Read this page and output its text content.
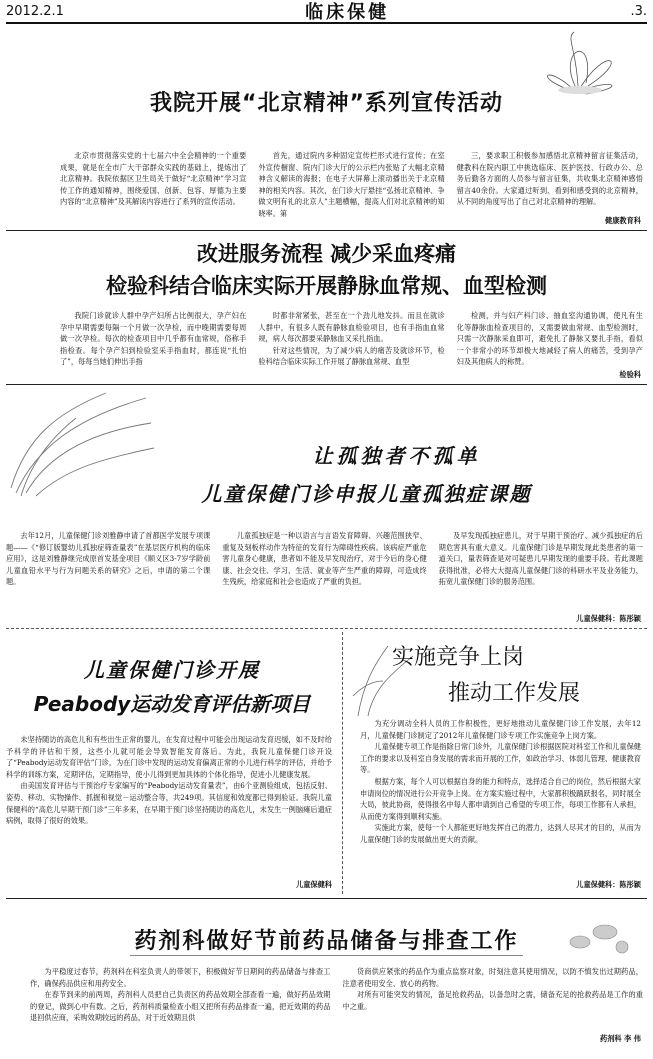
2012.2.1	临床保健	.3.
我院开展“北京精神”系列宣传活动

北京市贯彻落实党的十七届六中全会精神的一个重要成果，就是在全市广大干部群众实践的基础上，提炼出了北京精神。我院依据区卫生局关于做好“北京精神”学习宣传工作的通知精神，围绕爱国、创新、包容、厚德为主要内容的“北京精神”及其解读内容进行了系列的宣传活动。

首先，通过院内多种固定宣传栏形式进行宣传；在室外宣传橱窗、院内门诊大厅的公示栏内张贴了大幅北京精神含义解读的海报；在电子大屏幕上滚动播出关于北京精神的相关内容。其次，在门诊大厅悬挂“弘扬北京精神、争做文明有礼的北京人”主题横幅，提高人们对北京精神的知晓率。第

三，要求职工积极参加感悟北京精神留言征集活动，健教科在院内职工中挑选临床、医护医技、行政办公、总务后勤各方面的人员参与留言征集，共收集北京精神感悟留言40余份。大家通过听到、看到和感受到的北京精神，从不同的角度写出了自己对北京精神的理解。

健康教育科
改进服务流程 减少采血疼痛
检验科结合临床实际开展静脉血常规、血型检测

我院门诊就诊人群中孕产妇所占比例很大，孕产妇在孕中早期需要每隔一个月做一次孕检，而中晚期需要每周做一次孕检。每次的检查项目中几乎都有血常规，俗称手指检查。每个孕产妇到检验室采手指血时，都连说“扎怕了”，每每当她们伸出手指

时都非常紧张，甚至在一个劲儿地发抖。而且在就诊人群中，有很多人既有静脉血检验项目，也有手指血血常规，病人每次都要采静脉血又采扎指血。

针对这些情况，为了减少病人的痛苦及就诊环节，检验科结合临床实际工作开展了静脉血常规、血型

检测，并与妇产科门诊、抽血室沟通协调，使凡有生化等静脉血检查项目的，又需要做血常规、血型检测时，只需一次静脉采血即可，避免扎了静脉又要扎手指，看似一个非常小的环节却极大地减轻了病人的痛苦，受到孕产妇及其他病人的称赞。

检验科
让孤独者不孤单
儿童保健门诊申报儿童孤独症课题

去年12月，儿童保健门诊刘雅静申请了首都医学发展专项课题——《“修订版婴幼儿孤独症筛查量表”在基层医疗机构的临床应用》，这是刘雅静继完成原首发基金项目《顺义区3-7岁学龄前儿童血铅水平与行为问题关系的研究》之后，申请的第二个课题。

儿童孤独症是一种以语言与言语发育障碍、兴趣范围狭窄、重复及刻板样动作为特征的发育行为障碍性疾病。该病症严重危害儿童身心健康，患者如不能及早发现治疗，对于今后的身心健康、社会交往、学习、生活、就业等产生严重的障碍，可造成终生残疾，给家庭和社会也造成了严重的负担。

及早发现孤独症患儿，对于早期干预治疗、减少孤独症的后期危害具有重大意义。儿童保健门诊是早期发现此类患者的第一道关口，量表筛查是对可疑患儿早期发现的重要手段。若此课题获得批准，必将大大提高儿童保健门诊的科研水平及业务能力，拓宽儿童保健门诊的服务范围。

儿童保健科：陈彤颖
儿童保健门诊开展
Peabody运动发育评估新项目

未坚持随访的高危儿和有些出生正常的婴儿，在发育过程中可能会出现运动发育迟缓，如不及时给予科学的评估和干预，这些小儿就可能会导致智能发育落后。为此，我院儿童保健门诊开设了“Peabody运动发育评估”门诊，为在门诊中发现的运动发育偏离正常的小儿进行科学的评估，并给予科学的训练方案，定期评估，定期指导，使小儿得到更加具体的个体化指导，促进小儿健康发展。

由美国发育评估与干预治疗专家编写的“Peabody运动发育量表”，由6个亚测验组成，包括反射、姿势、移动、实物操作、抓握和视觉－运动整合等，共249项。其信度和效度都已得到验证。我院儿童保健科的“高危儿早期干预门诊”三年多来，在早期干预门诊坚持随访的高危儿，未发生一例脑瘫后遗症病例，取得了很好的效果。

儿童保健科
实施竞争上岗
推动工作发展

为充分调动全科人员的工作积极性，更好地推动儿童保健门诊工作发展，去年12月，儿童保健门诊制定了2012年儿童保健门诊专项工作实施竞争上岗方案。

儿童保健专项工作是指除日常门诊外，儿童保健门诊根据医院对科室工作和儿童保健工作的要求以及科室自身发展的需求而开展的工作，如政治学习、体弱儿管理、健康教育等。

根据方案，每个人可以根据自身的能力和特点，选择适合自己的岗位，然后根据大家申请岗位的情况进行公开竞争上岗。在方案实施过程中，大家都积极踊跃报名，同时展全大局，彼此协商，使得报名中每人都申请到自己希望的专项工作，每项工作都有人承担，从而使方案得到顺利实施。

实施此方案，使每一个人都能更好地发挥自己的潜力，达到人尽其才的目的，从而为儿童保健门诊的发展做出更大的贡献。

儿童保健科：陈彤颖
药剂科做好节前药品储备与排查工作

为平稳度过春节，药剂科在科室负责人的带领下，积极做好节日期间的药品储备与排查工作，确保药品供应和用药安全。

在春节到来的前两周，药剂科人员把自己负责区的药品效期全部查看一遍，做好药品效期的登记，做到心中有数。之后，药剂科质量检查小组又把所有药品排查一遍，把近效期的药品退回供应商，采购效期较远的药品，对于近效期且供

货商供应紧张的药品作为重点监察对象，时刻注意其使用情况，以防不慎发出过期药品，注意者使用安全、放心的药物。

对所有可能突发的情况，备足抢救药品，以备急时之需，储备充足的抢救药品是工作的重中之重。

药剂科 李 伟
